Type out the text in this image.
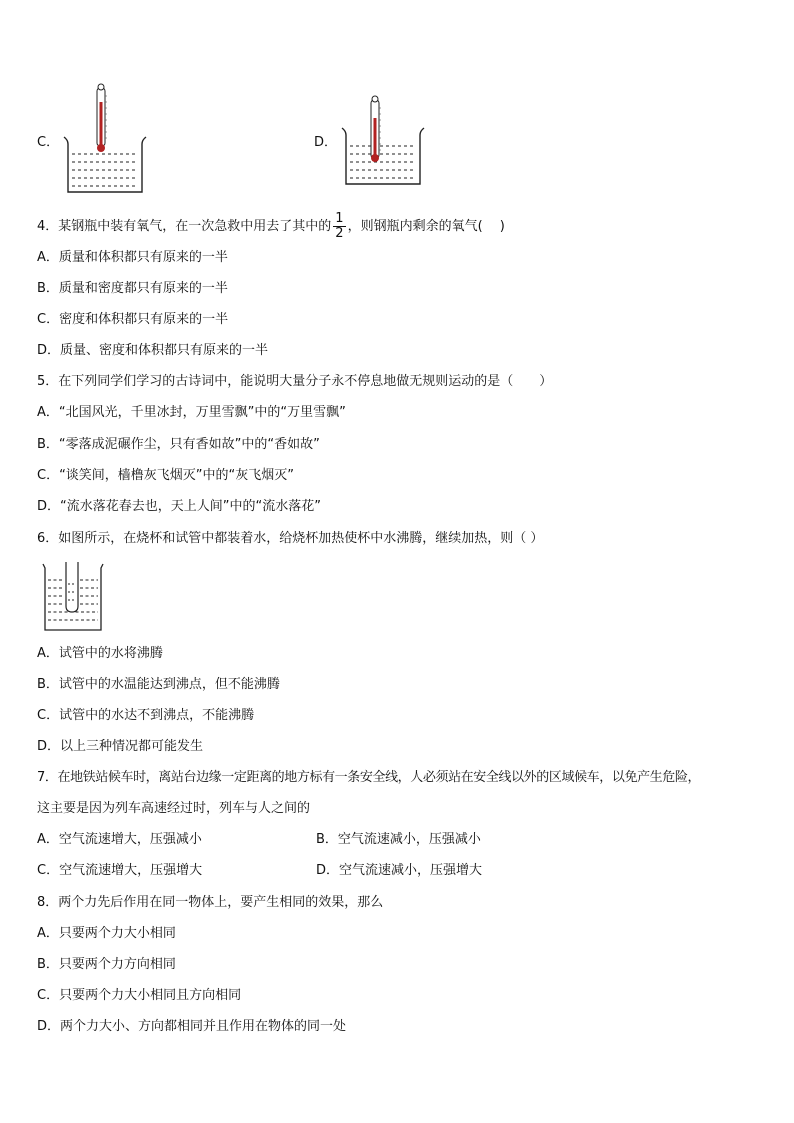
C．	D．
4．某钢瓶中装有氧气，在一次急救中用去了其中的 $\frac{1}{2}$ ，则钢瓶内剩余的氧气(　 )
A．质量和体积都只有原来的一半
B．质量和密度都只有原来的一半
C．密度和体积都只有原来的一半
D．质量、密度和体积都只有原来的一半
5．在下列同学们学习的古诗词中，能说明大量分子永不停息地做无规则运动的是（　　）
A．“北国风光，千里冰封，万里雪飘”中的“万里雪飘”
B．“零落成泥碾作尘，只有香如故”中的“香如故”
C．“谈笑间，樯橹灰飞烟灭”中的“灰飞烟灭”
D．“流水落花春去也，天上人间”中的“流水落花”
6．如图所示，在烧杯和试管中都装着水，给烧杯加热使杯中水沸腾，继续加热，则（ ）
A．试管中的水将沸腾
B．试管中的水温能达到沸点，但不能沸腾
C．试管中的水达不到沸点，不能沸腾
D．以上三种情况都可能发生
7．在地铁站候车时，离站台边缘一定距离的地方标有一条安全线，人必须站在安全线以外的区域候车，以免产生危险，
这主要是因为列车高速经过时，列车与人之间的
A．空气流速增大，压强减小	B．空气流速减小，压强减小
C．空气流速增大，压强增大	D．空气流速减小，压强增大
8．两个力先后作用在同一物体上，要产生相同的效果，那么
A．只要两个力大小相同
B．只要两个力方向相同
C．只要两个力大小相同且方向相同
D．两个力大小、方向都相同并且作用在物体的同一处
